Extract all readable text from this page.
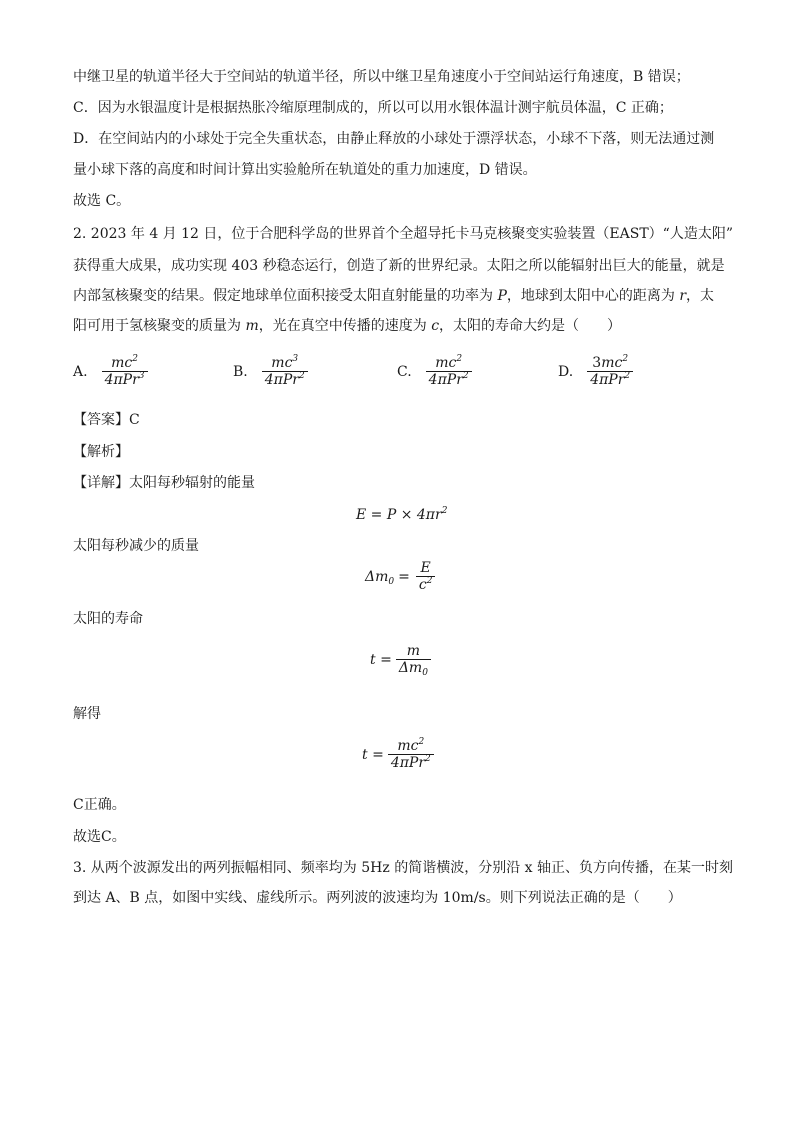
中继卫星的轨道半径大于空间站的轨道半径，所以中继卫星角速度小于空间站运行角速度，B 错误；
C．因为水银温度计是根据热胀冷缩原理制成的，所以可以用水银体温计测宇航员体温，C 正确；
D．在空间站内的小球处于完全失重状态，由静止释放的小球处于漂浮状态，小球不下落，则无法通过测
量小球下落的高度和时间计算出实验舱所在轨道处的重力加速度，D 错误。
故选 C。
2. 2023 年 4 月 12 日，位于合肥科学岛的世界首个全超导托卡马克核聚变实验装置（EAST）“人造太阳”
获得重大成果，成功实现 403 秒稳态运行，创造了新的世界纪录。太阳之所以能辐射出巨大的能量，就是
内部氢核聚变的结果。假定地球单位面积接受太阳直射能量的功率为 P，地球到太阳中心的距离为 r，太
阳可用于氢核聚变的质量为 m，光在真空中传播的速度为 c，太阳的寿命大约是（　　）
A. $\frac{mc^2}{4\pi Pr^3}$	B. $\frac{mc^3}{4\pi Pr^2}$	C. $\frac{mc^2}{4\pi Pr^2}$	D. $\frac{3mc^2}{4\pi Pr^2}$
【答案】C
【解析】
【详解】太阳每秒辐射的能量
$E = P \times 4\pi r^2$
太阳每秒减少的质量
$\Delta m_0 = \frac{E}{c^2}$
太阳的寿命
$t = \frac{m}{\Delta m_0}$
解得
$t = \frac{mc^2}{4\pi Pr^2}$
C正确。
故选C。
3. 从两个波源发出的两列振幅相同、频率均为 5Hz 的简谐横波，分别沿 x 轴正、负方向传播，在某一时刻
到达 A、B 点，如图中实线、虚线所示。两列波的波速均为 10m/s。则下列说法正确的是（　　）
